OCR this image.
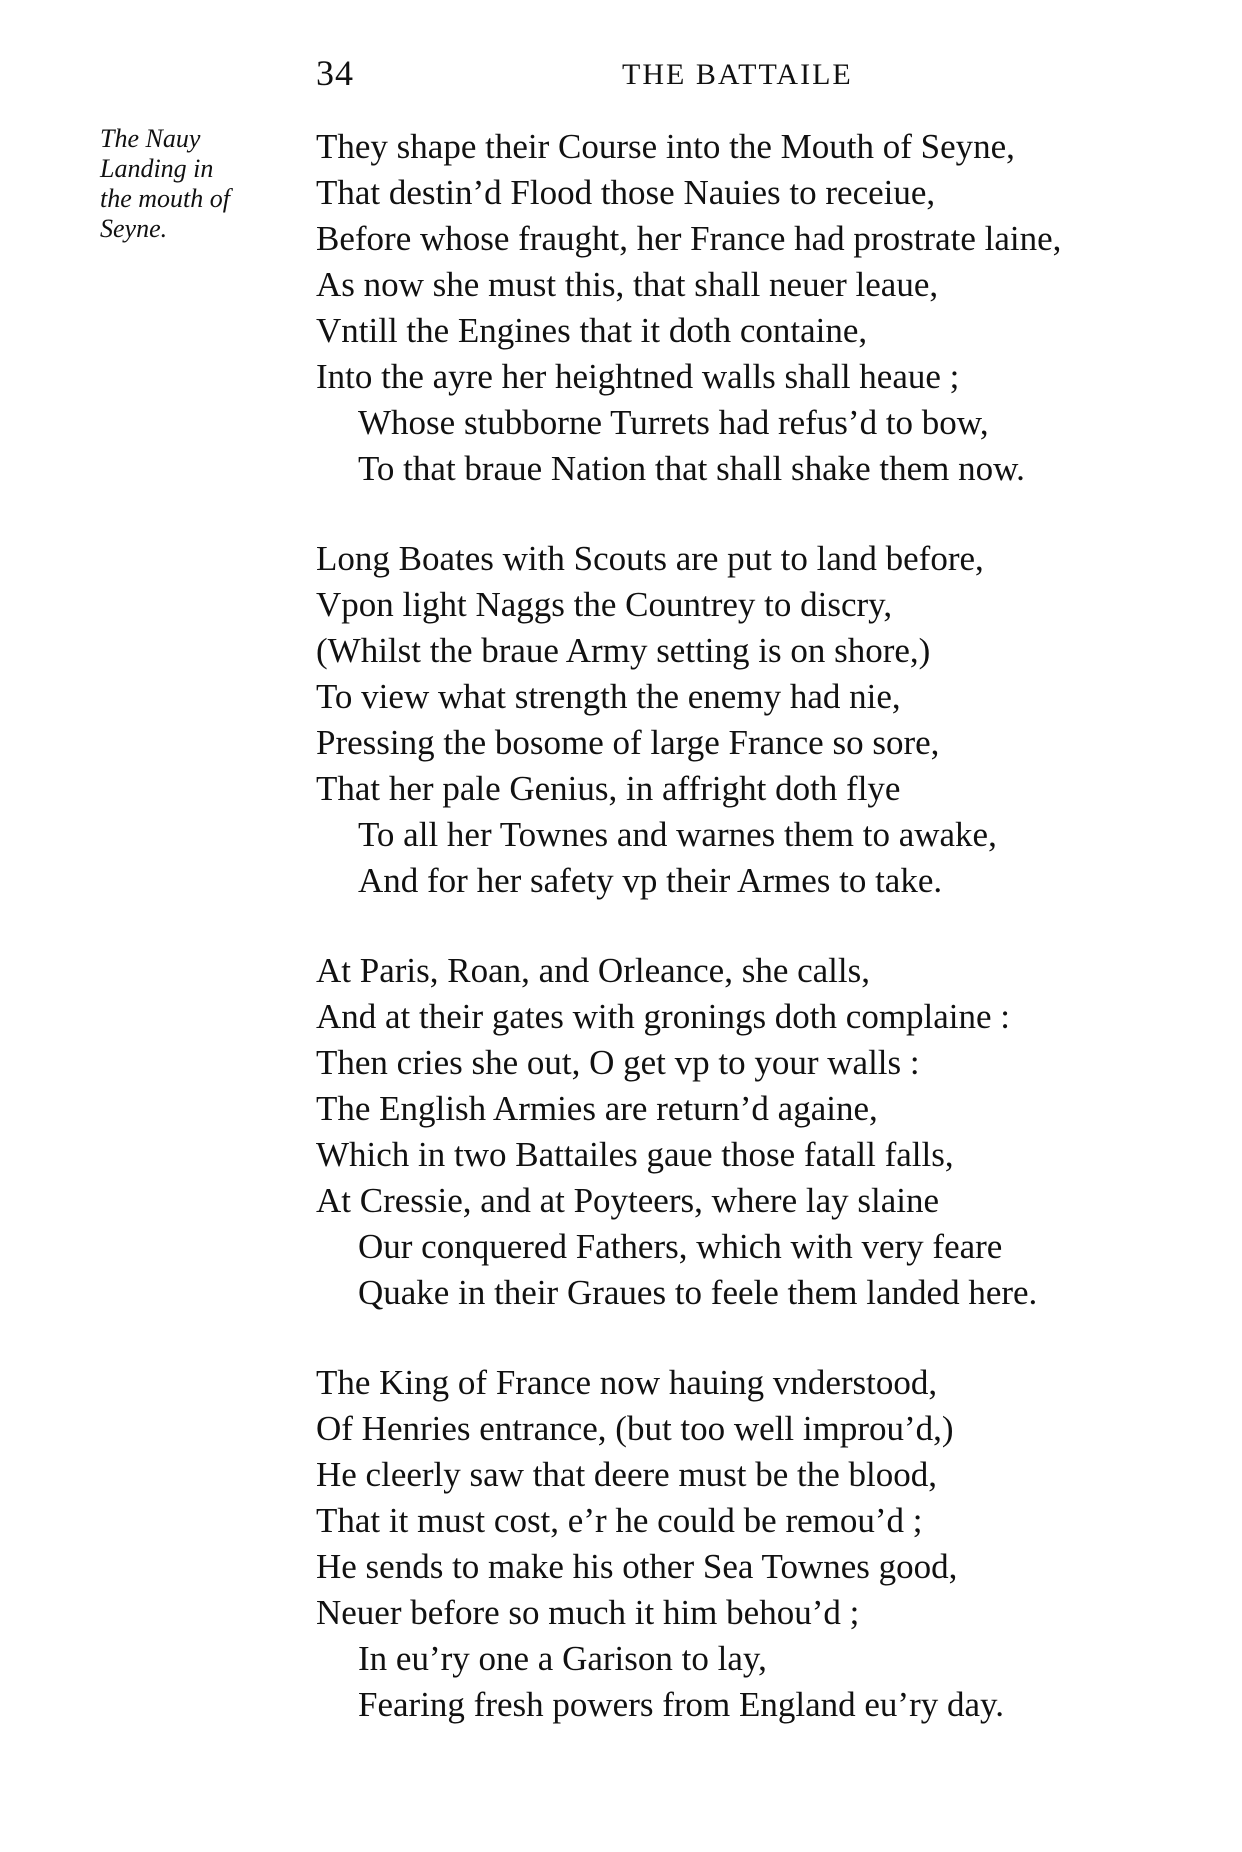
34	THE BATTAILE
The Nauy
Landing in
the mouth of
Seyne.
They shape their Course into the Mouth of Seyne,
That destin’d Flood those Nauies to receiue,
Before whose fraught, her France had prostrate laine,
As now she must this, that shall neuer leaue,
Vntill the Engines that it doth containe,
Into the ayre her heightned walls shall heaue ;
Whose stubborne Turrets had refus’d to bow,
To that braue Nation that shall shake them now.
Long Boates with Scouts are put to land before,
Vpon light Naggs the Countrey to discry,
(Whilst the braue Army setting is on shore,)
To view what strength the enemy had nie,
Pressing the bosome of large France so sore,
That her pale Genius, in affright doth flye
To all her Townes and warnes them to awake,
And for her safety vp their Armes to take.
At Paris, Roan, and Orleance, she calls,
And at their gates with gronings doth complaine :
Then cries she out, O get vp to your walls :
The English Armies are return’d againe,
Which in two Battailes gaue those fatall falls,
At Cressie, and at Poyteers, where lay slaine
Our conquered Fathers, which with very feare
Quake in their Graues to feele them landed here.
The King of France now hauing vnderstood,
Of Henries entrance, (but too well improu’d,)
He cleerly saw that deere must be the blood,
That it must cost, e’r he could be remou’d ;
He sends to make his other Sea Townes good,
Neuer before so much it him behou’d ;
In eu’ry one a Garison to lay,
Fearing fresh powers from England eu’ry day.
